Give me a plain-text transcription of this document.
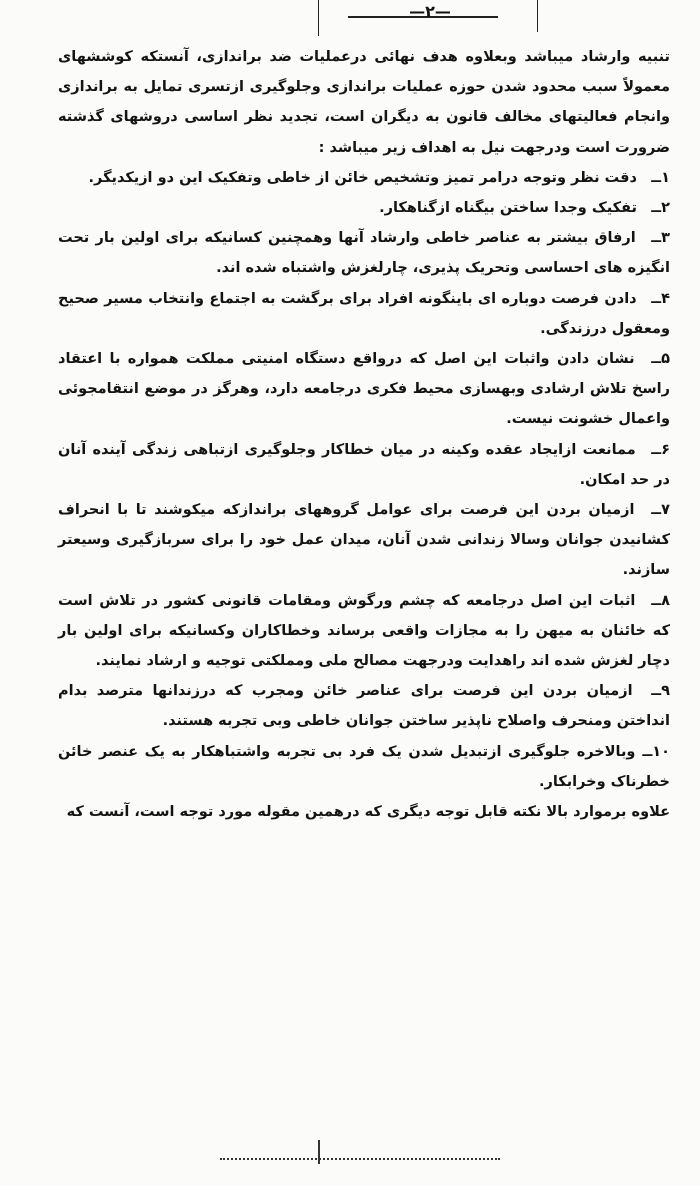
—٢—

تنبیه وارشاد میباشد وبعلاوه هدف نهائی درعملیات ضد براندازی، آنستکه کوششهای معمولاً سبب محدود شدن حوزه عملیات براندازی وجلوگیری ازتسری تمایل به براندازی وانجام فعالیتهای مخالف قانون به دیگران است، تجدید نظر اساسی دروشهای گذشته ضرورت است ودرجهت نیل به اهداف زیر میباشد :

۱ــ دقت نظر وتوجه درامر تمیز وتشخیص خائن از خاطی وتفکیک این دو ازیکدیگر.

۲ــ تفکیک وجدا ساختن بیگناه ازگناهکار.

۳ــ ارفاق بیشتر به عناصر خاطی وارشاد آنها وهمچنین کسانیکه برای اولین بار تحت انگیزه های احساسی وتحریک پذیری، چارلغزش واشتباه شده اند.

۴ــ دادن فرصت دوباره ای باینگونه افراد برای برگشت به اجتماع وانتخاب مسیر صحیح ومعقول درزندگی.

۵ــ نشان دادن واثبات این اصل که درواقع دستگاه امنیتی مملکت همواره با اعتقاد راسخ تلاش ارشادی وبهسازی محیط فکری درجامعه دارد، وهرگز در موضع انتقامجوئی واعمال خشونت نیست.

۶ــ ممانعت ازایجاد عقده وکینه در میان خطاکار وجلوگیری ازتباهی زندگی آینده آنان در حد امکان.

۷ــ ازمیان بردن این فرصت برای عوامل گروههای براندازکه میکوشند تا با انحراف کشانیدن جوانان وسالا زندانی شدن آنان، میدان عمل خود را برای سربازگیری وسیعتر سازند.

۸ــ اثبات این اصل درجامعه که چشم ورگوش ومقامات قانونی کشور در تلاش است که خائنان به میهن را به مجازات واقعی برساند وخطاکاران وکسانیکه برای اولین بار دچار لغزش شده اند راهدایت ودرجهت مصالح ملی ومملکتی توجیه و ارشاد نمایند.

۹ــ ازمیان بردن این فرصت برای عناصر خائن ومجرب که درزندانها مترصد بدام انداختن ومنحرف واصلاح ناپذیر ساختن جوانان خاطی وبی تجربه هستند.

۱۰ــ وبالاخره جلوگیری ازتبدیل شدن یک فرد بی تجربه واشتباهکار به یک عنصر خائن خطرناک وخرابکار.

علاوه برموارد بالا نکته قابل توجه دیگری که درهمین مقوله مورد توجه است، آنست که
